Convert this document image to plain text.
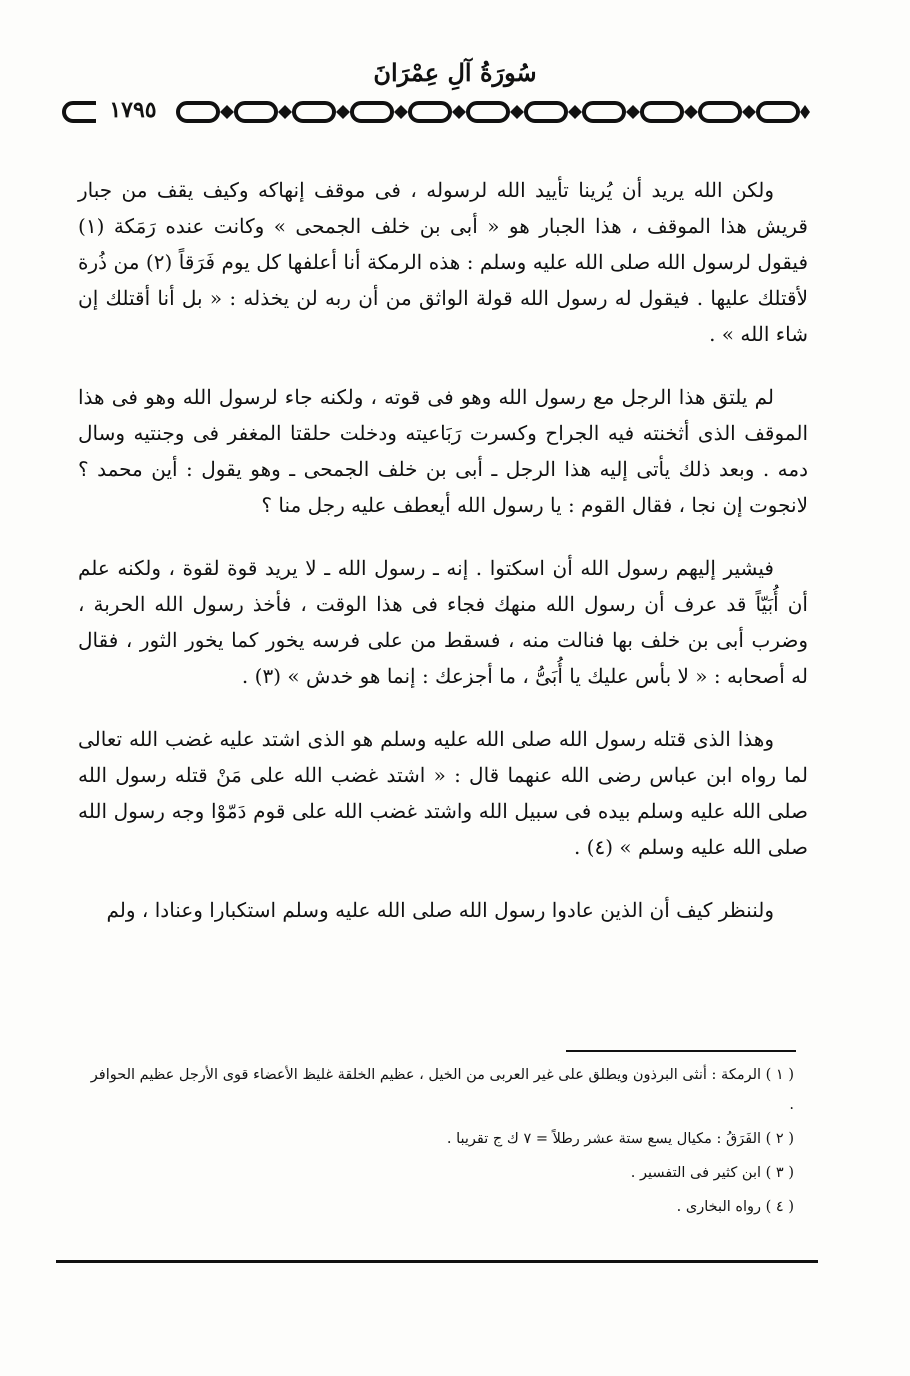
سُورَةُ آلِ عِمْرَانَ
١٧٩٥

ولكن الله يريد أن يُرينا تأييد الله لرسوله ، فى موقف إنهاكه وكيف يقف من جبار قريش هذا الموقف ، هذا الجبار هو « أبى بن خلف الجمحى » وكانت عنده رَمَكة (١) فيقول لرسول الله صلى الله عليه وسلم : هذه الرمكة أنا أعلفها كل يوم فَرَقاً (٢) من ذُرة لأقتلك عليها . فيقول له رسول الله قولة الواثق من أن ربه لن يخذله : « بل أنا أقتلك إن شاء الله » .

لم يلتق هذا الرجل مع رسول الله وهو فى قوته ، ولكنه جاء لرسول الله وهو فى هذا الموقف الذى أثخنته فيه الجراح وكسرت رَبَاعيته ودخلت حلقتا المغفر فى وجنتيه وسال دمه . وبعد ذلك يأتى إليه هذا الرجل ـ أبى بن خلف الجمحى ـ وهو يقول : أين محمد ؟ لانجوت إن نجا ، فقال القوم : يا رسول الله أيعطف عليه رجل منا ؟

فيشير إليهم رسول الله أن اسكتوا . إنه ـ رسول الله ـ لا يريد قوة لقوة ، ولكنه علم أن أُبَيّاً قد عرف أن رسول الله منهك فجاء فى هذا الوقت ، فأخذ رسول الله الحربة ، وضرب أبى بن خلف بها فنالت منه ، فسقط من على فرسه يخور كما يخور الثور ، فقال له أصحابه : « لا بأس عليك يا أُبَىُّ ، ما أجزعك : إنما هو خدش » (٣) .

وهذا الذى قتله رسول الله صلى الله عليه وسلم هو الذى اشتد عليه غضب الله تعالى لما رواه ابن عباس رضى الله عنهما قال : « اشتد غضب الله على مَنْ قتله رسول الله صلى الله عليه وسلم بيده فى سبيل الله واشتد غضب الله على قوم دَمّوْا وجه رسول الله صلى الله عليه وسلم » (٤) .

ولننظر كيف أن الذين عادوا رسول الله صلى الله عليه وسلم استكبارا وعنادا ، ولم

( ١ ) الرمكة : أنثى البرذون ويطلق على غير العربى من الخيل ، عظيم الخلقة غليظ الأعضاء قوى الأرجل عظيم الحوافر .

( ٢ ) الفَرَقُ : مكيال يسع ستة عشر رطلاً = ٧ ك ج تقريبا .

( ٣ ) ابن كثير فى التفسير .

( ٤ ) رواه البخارى .
